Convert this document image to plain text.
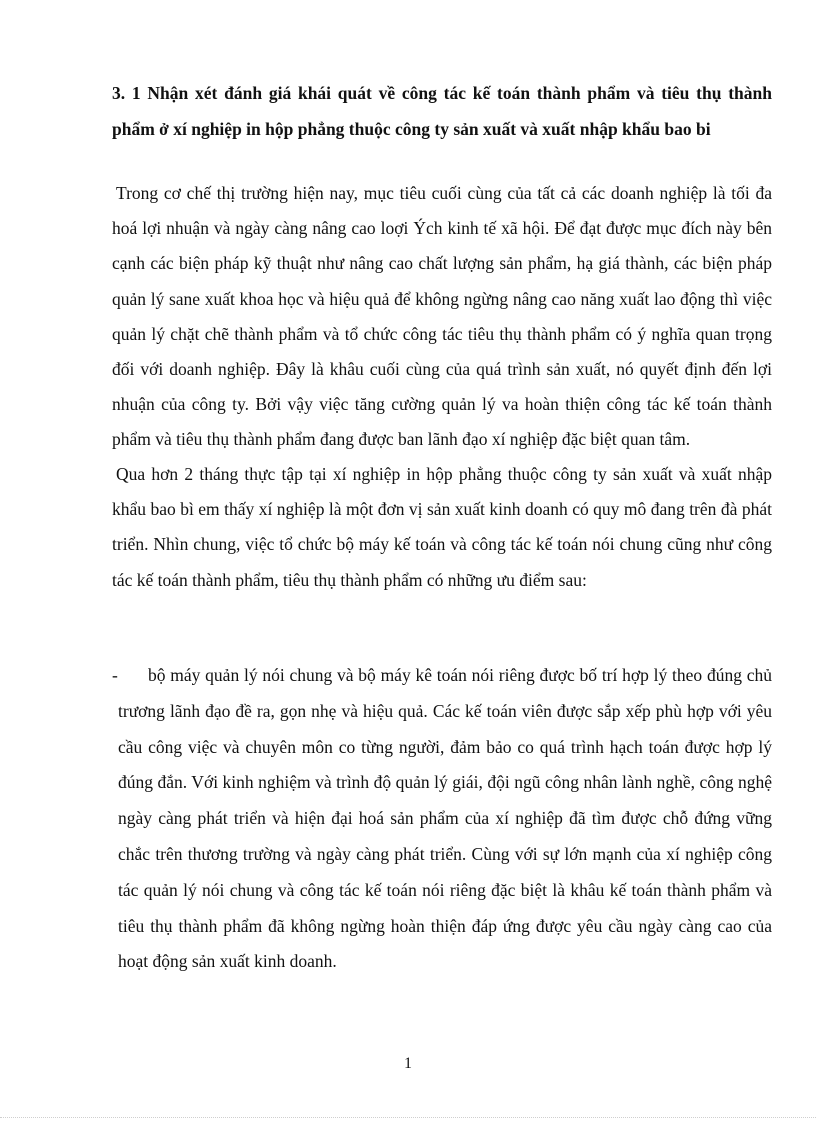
3. 1 Nhận xét đánh giá khái quát về công tác kế toán thành phẩm và tiêu thụ thành phẩm ở xí nghiệp in hộp phẳng thuộc công ty sản xuất và xuất nhập khẩu bao bi

Trong cơ chế thị trường hiện nay, mục tiêu cuối cùng của tất cả các doanh nghiệp là tối đa hoá lợi nhuận và ngày càng nâng cao loợi Ých kinh tế xã hội. Để đạt được mục đích này bên cạnh các biện pháp kỹ thuật như nâng cao chất lượng sản phẩm, hạ giá thành, các biện pháp quản lý sane xuất khoa học và hiệu quả để không ngừng nâng cao năng xuất lao động thì việc quản lý chặt chẽ thành phẩm và tổ chức công tác tiêu thụ thành phẩm có ý nghĩa quan trọng đối với doanh nghiệp. Đây là khâu cuối cùng của quá trình sản xuất, nó quyết định đến lợi nhuận của công ty. Bởi vậy việc tăng cường quản lý va hoàn thiện công tác kế toán thành phẩm và tiêu thụ thành phẩm đang được ban lãnh đạo xí nghiệp đặc biệt quan tâm.

Qua hơn 2 tháng thực tập tại xí nghiệp in hộp phẳng thuộc công ty sản xuất và xuất nhập khẩu bao bì em thấy xí nghiệp là một đơn vị sản xuất kinh doanh có quy mô đang trên đà phát triển. Nhìn chung, việc tổ chức bộ máy kế toán và công tác kế toán nói chung cũng như công tác kế toán thành phẩm, tiêu thụ thành phẩm có những ưu điểm sau:

-	bộ máy quản lý nói chung và bộ máy kê toán nói riêng được bố trí hợp lý theo đúng chủ trương lãnh đạo đề ra, gọn nhẹ và hiệu quả. Các kế toán viên được sắp xếp phù hợp với yêu cầu công việc và chuyên môn co từng người, đảm bảo co quá trình hạch toán được hợp lý đúng đắn. Với kinh nghiệm và trình độ quản lý giái, đội ngũ công nhân lành nghề, công nghệ ngày càng phát triển và hiện đại hoá sản phẩm của xí nghiệp đã tìm được chỗ đứng vững chắc trên thương trường và ngày càng phát triển. Cùng với sự lớn mạnh của xí nghiệp công tác quản lý nói chung và công tác kế toán nói riêng đặc biệt là khâu kế toán thành phẩm và tiêu thụ thành phẩm đã không ngừng hoàn thiện đáp ứng được yêu cầu ngày càng cao của hoạt động sản xuất kinh doanh.

1
